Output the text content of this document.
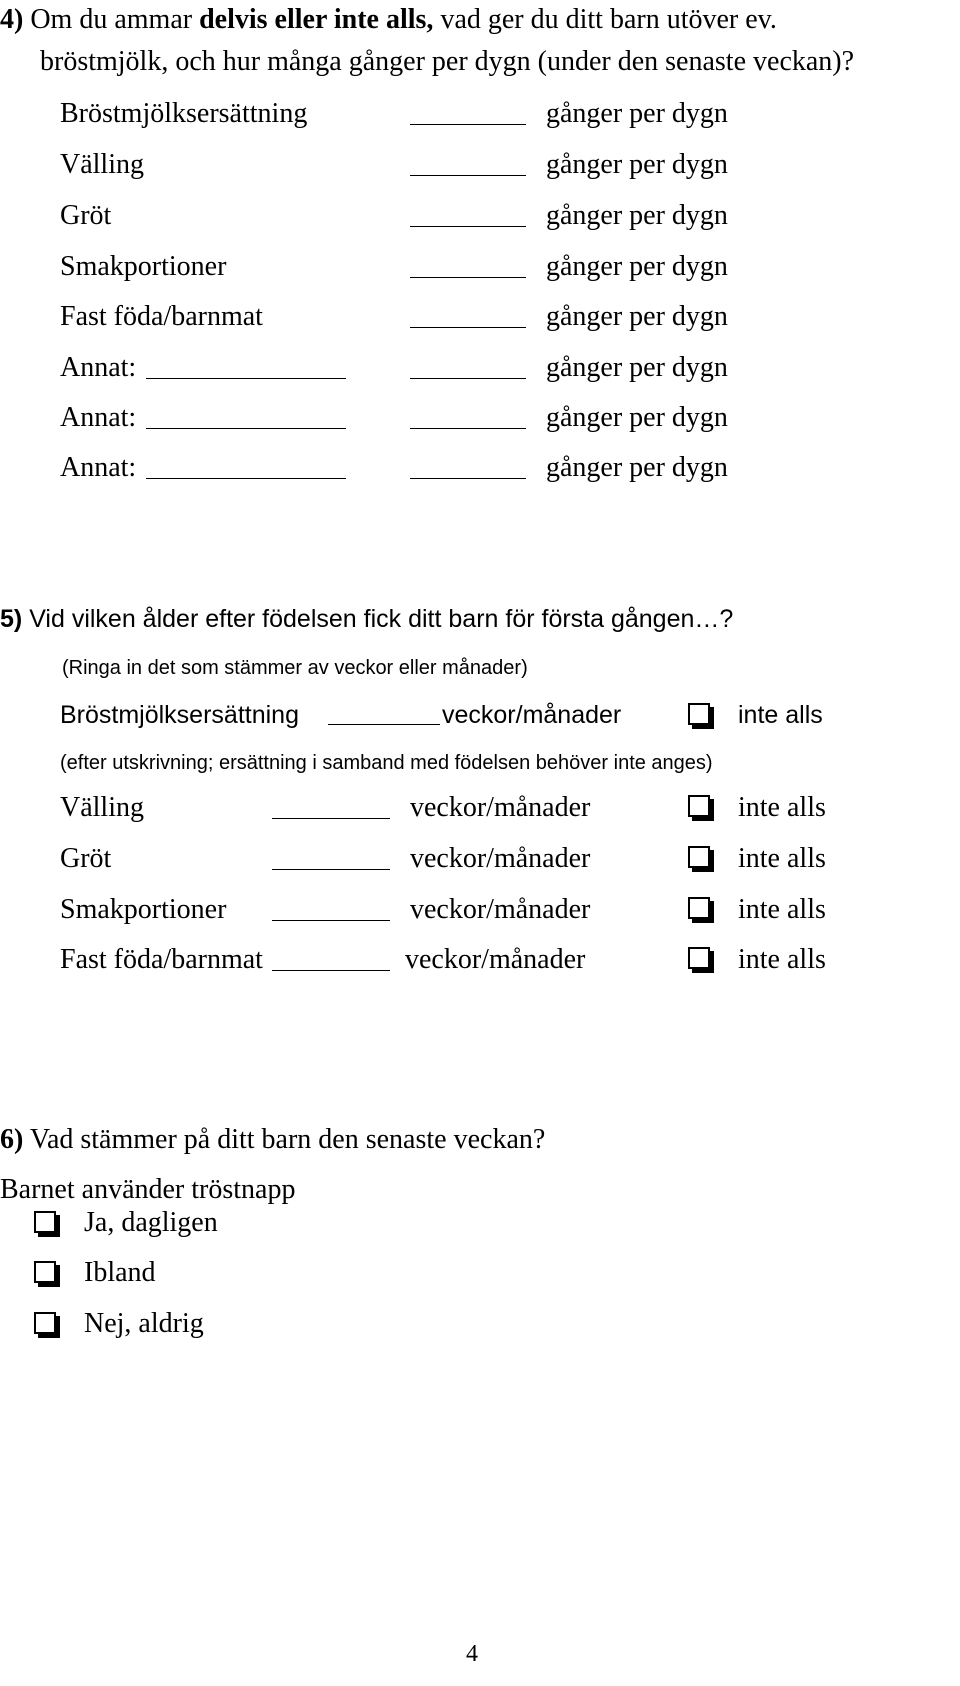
4) Om du ammar delvis eller inte alls, vad ger du ditt barn utöver ev.
bröstmjölk, och hur många gånger per dygn (under den senaste veckan)?
Bröstmjölksersättning	gånger per dygn
Välling	gånger per dygn
Gröt	gånger per dygn
Smakportioner	gånger per dygn
Fast föda/barnmat	gånger per dygn
Annat:	gånger per dygn
Annat:	gånger per dygn
Annat:	gånger per dygn
5) Vid vilken ålder efter födelsen fick ditt barn för första gången…?
(Ringa in det som stämmer av veckor eller månader)
Bröstmjölksersättning	veckor/månader	inte alls
(efter utskrivning; ersättning i samband med födelsen behöver inte anges)
Välling	veckor/månader	inte alls
Gröt	veckor/månader	inte alls
Smakportioner	veckor/månader	inte alls
Fast föda/barnmat	veckor/månader	inte alls
6) Vad stämmer på ditt barn den senaste veckan?
Barnet använder tröstnapp
Ja, dagligen
Ibland
Nej, aldrig
4
